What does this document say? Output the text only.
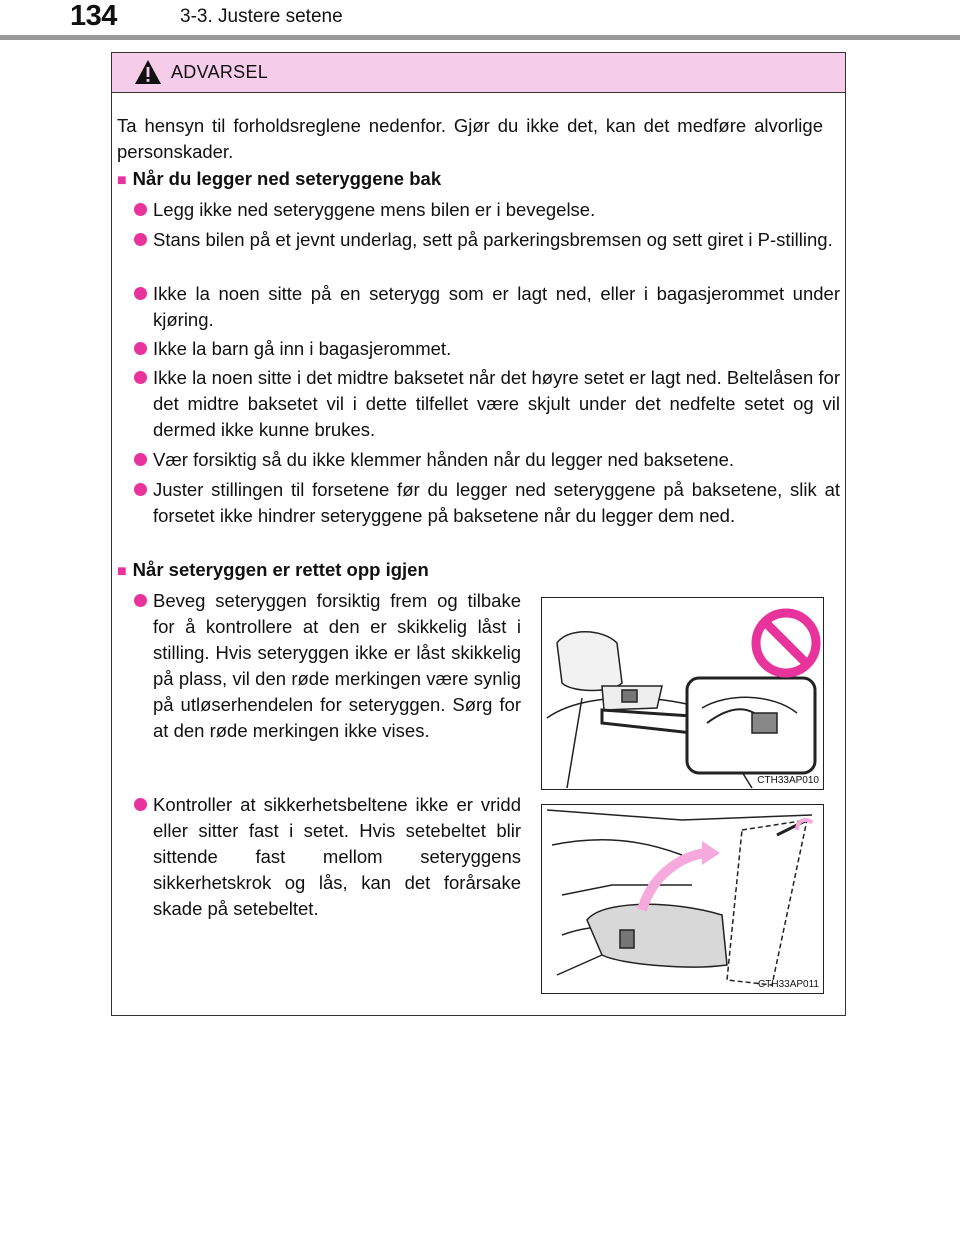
134	3-3. Justere setene
ADVARSEL
Ta hensyn til forholdsreglene nedenfor. Gjør du ikke det, kan det medføre alvorlige personskader.
■ Når du legger ned seteryggene bak
Legg ikke ned seteryggene mens bilen er i bevegelse.
Stans bilen på et jevnt underlag, sett på parkeringsbremsen og sett giret i P-stilling.
Ikke la noen sitte på en seterygg som er lagt ned, eller i bagasjerommet under kjøring.
Ikke la barn gå inn i bagasjerommet.
Ikke la noen sitte i det midtre baksetet når det høyre setet er lagt ned. Beltelåsen for det midtre baksetet vil i dette tilfellet være skjult under det nedfelte setet og vil dermed ikke kunne brukes.
Vær forsiktig så du ikke klemmer hånden når du legger ned baksetene.
Juster stillingen til forsetene før du legger ned seteryggene på baksetene, slik at forsetet ikke hindrer seteryggene på baksetene når du legger dem ned.
■ Når seteryggen er rettet opp igjen
Beveg seteryggen forsiktig frem og tilbake for å kontrollere at den er skikkelig låst i stilling. Hvis seteryggen ikke er låst skikkelig på plass, vil den røde merkingen være synlig på utløserhendelen for seteryggen. Sørg for at den røde merkingen ikke vises.
Kontroller at sikkerhetsbeltene ikke er vridd eller sitter fast i setet. Hvis setebeltet blir sittende fast mellom seteryggens sikkerhetskrok og lås, kan det forårsake skade på setebeltet.
CTH33AP010
CTH33AP011
